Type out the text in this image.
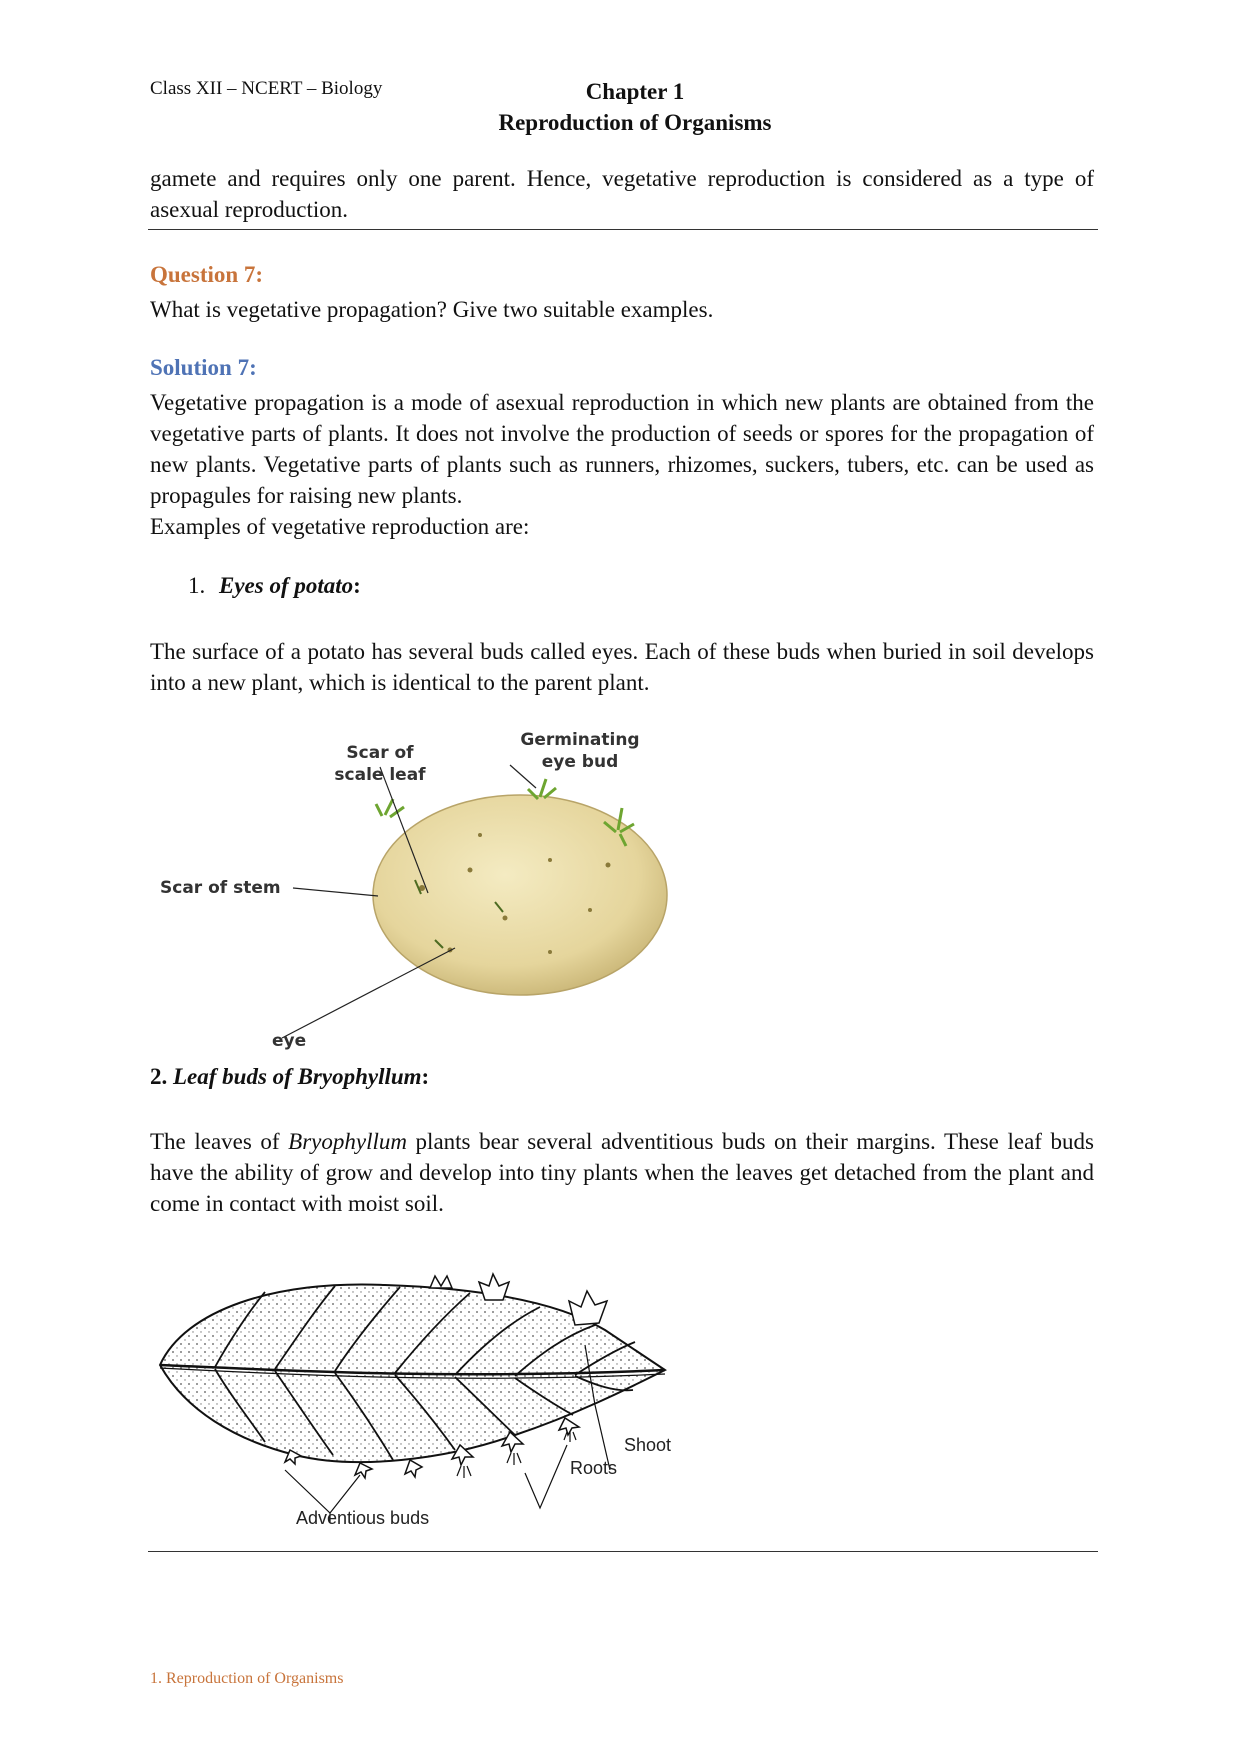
Class XII – NCERT – Biology	Chapter 1
Reproduction of Organisms
gamete and requires only one parent. Hence, vegetative reproduction is considered as a type of asexual reproduction.
Question 7:
What is vegetative propagation? Give two suitable examples.
Solution 7:
Vegetative propagation is a mode of asexual reproduction in which new plants are obtained from the vegetative parts of plants. It does not involve the production of seeds or spores for the propagation of new plants. Vegetative parts of plants such as runners, rhizomes, suckers, tubers, etc. can be used as propagules for raising new plants.
Examples of vegetative reproduction are:
1. Eyes of potato:
The surface of a potato has several buds called eyes. Each of these buds when buried in soil develops into a new plant, which is identical to the parent plant.
Scar of
scale leaf
Germinating
eye bud
Scar of stem
eye
2. Leaf buds of Bryophyllum:
The leaves of Bryophyllum plants bear several adventitious buds on their margins. These leaf buds have the ability of grow and develop into tiny plants when the leaves get detached from the plant and come in contact with moist soil.
Shoot
Roots
Adventious buds
1. Reproduction of Organisms
